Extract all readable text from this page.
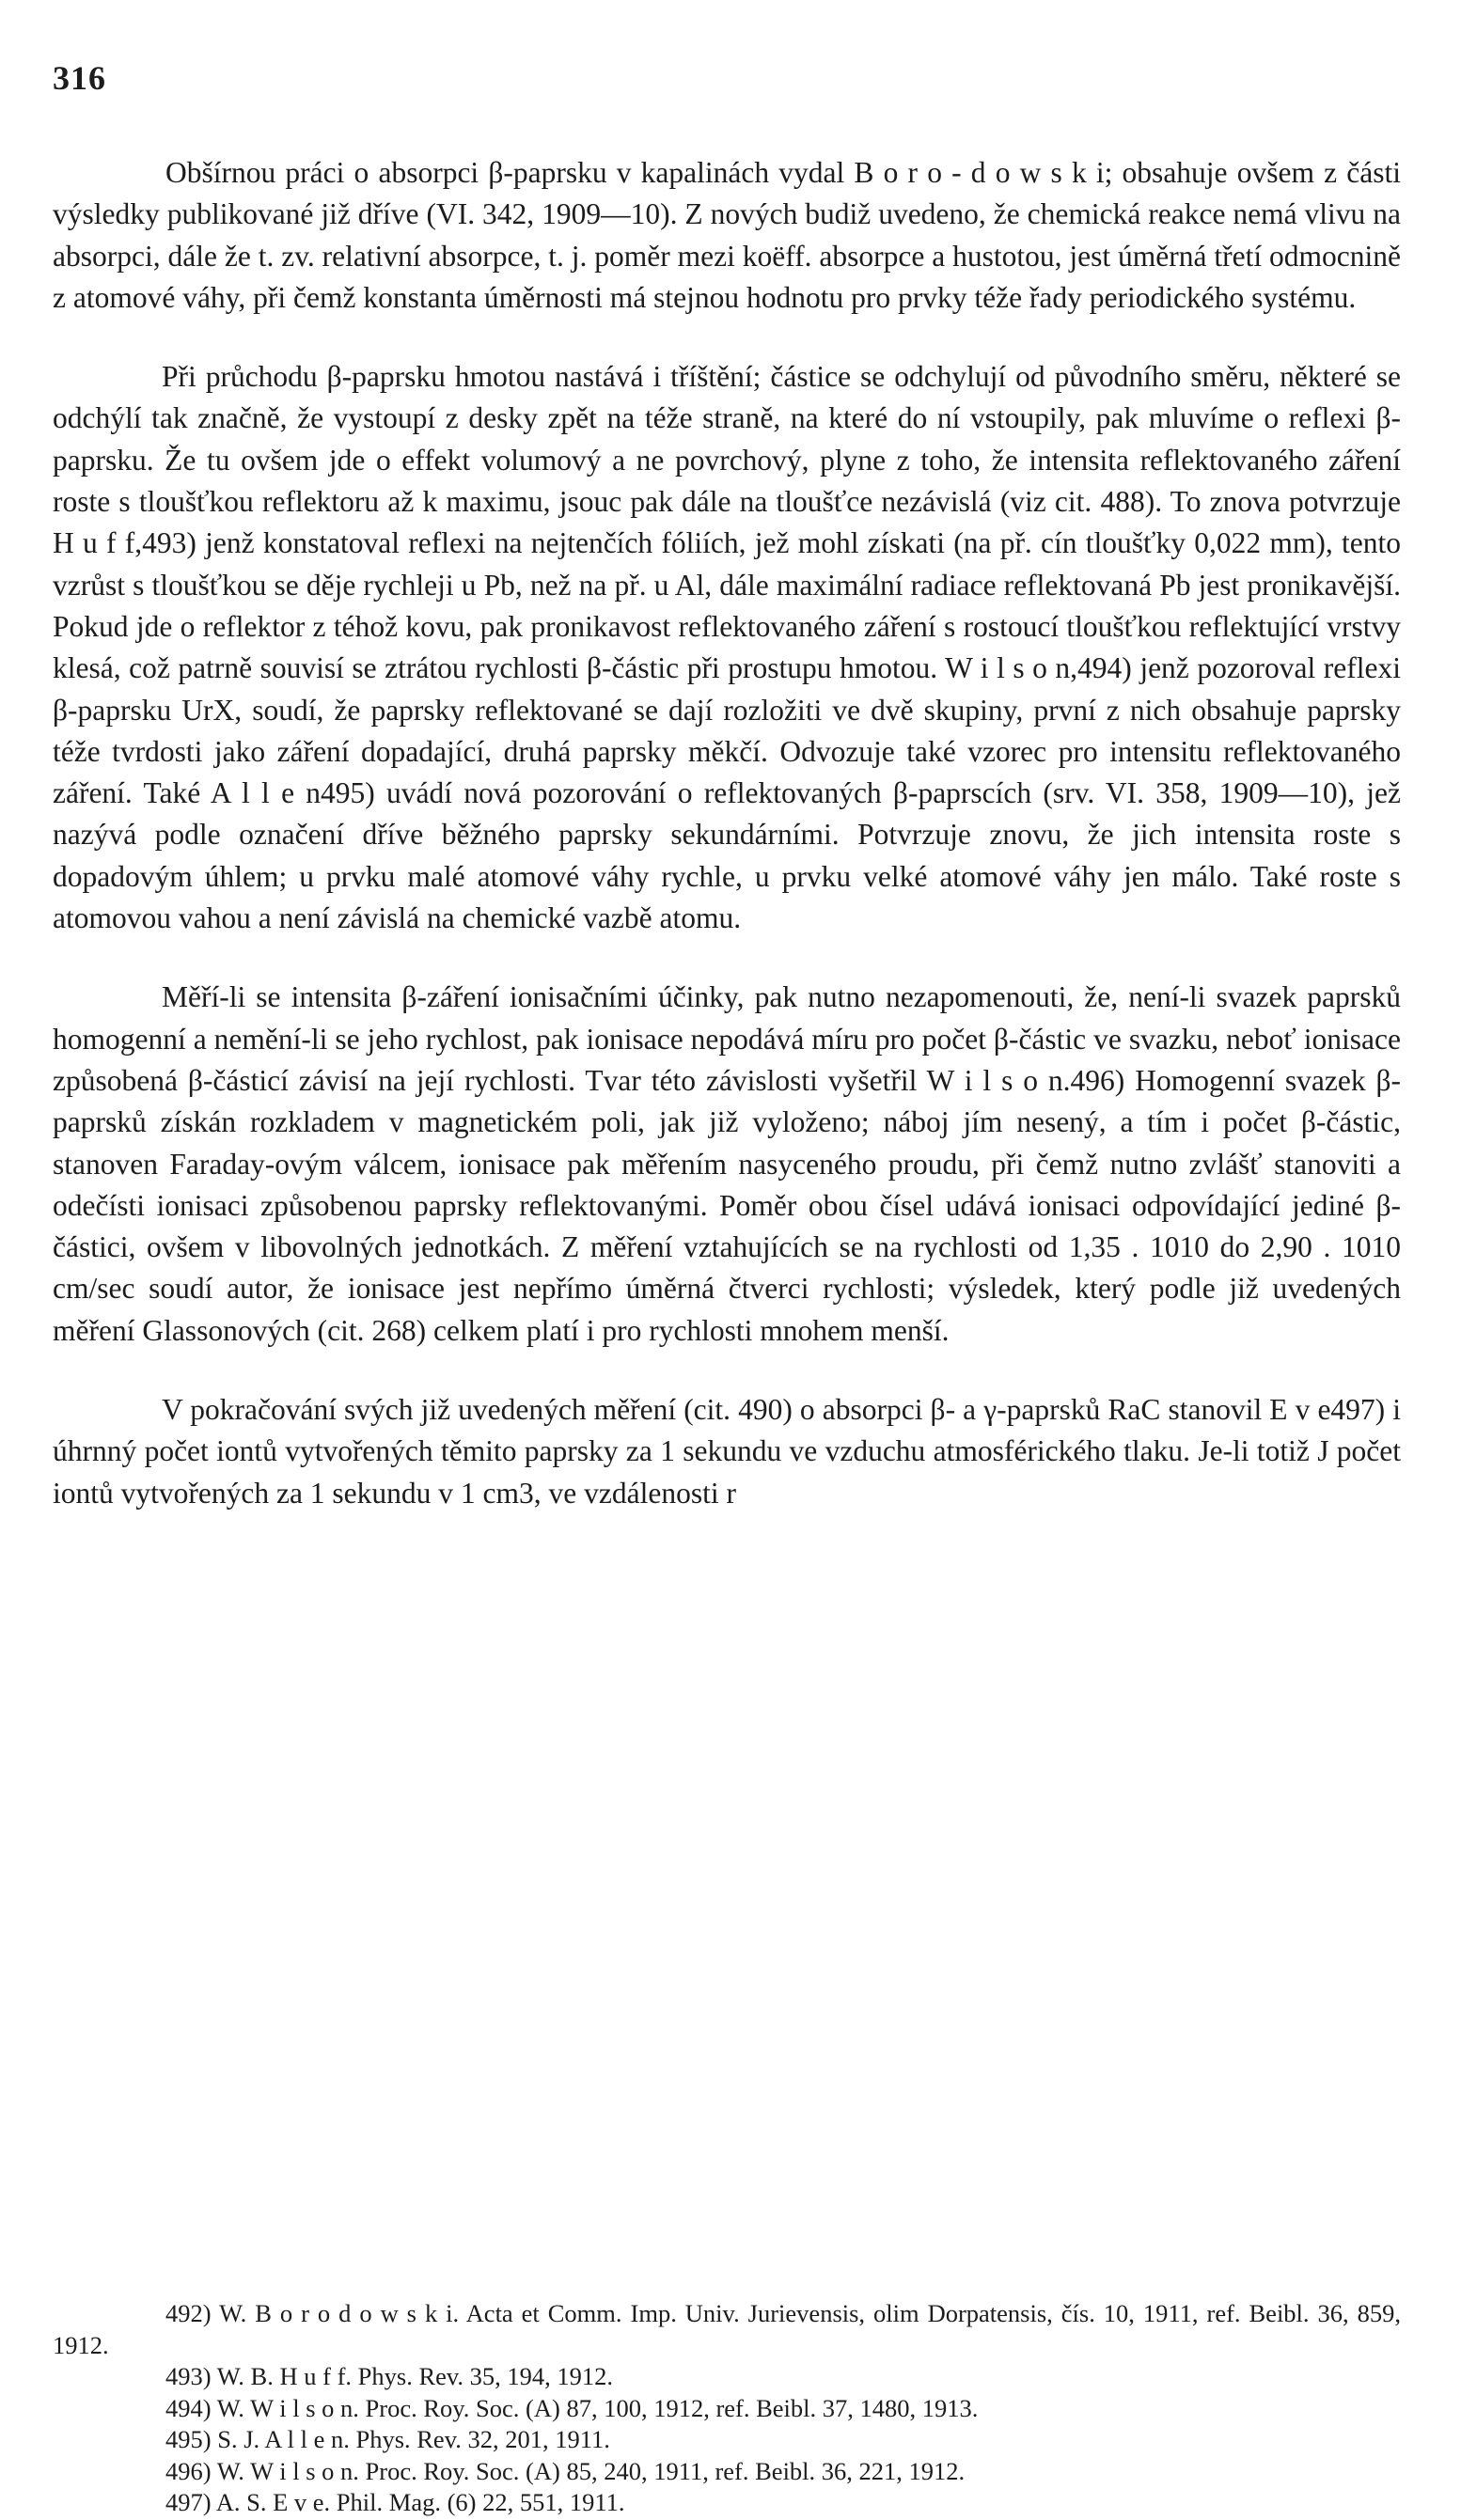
316

Obšírnou práci o absorpci β-paprsku v kapalinách vydal B o r o - d o w s k i; obsahuje ovšem z části výsledky publikované již dříve (VI. 342, 1909—10). Z nových budiž uvedeno, že chemická reakce nemá vlivu na absorpci, dále že t. zv. relativní absorpce, t. j. poměr mezi koëff. absorpce a hustotou, jest úměrná třetí odmocnině z atomové váhy, při čemž konstanta úměrnosti má stejnou hodnotu pro prvky téže řady periodického systému.

Při průchodu β-paprsku hmotou nastává i tříštění; částice se odchylují od původního směru, některé se odchýlí tak značně, že vystoupí z desky zpět na téže straně, na které do ní vstoupily, pak mluvíme o reflexi β-paprsku. Že tu ovšem jde o effekt volumový a ne povrchový, plyne z toho, že intensita reflektovaného záření roste s tloušťkou reflektoru až k maximu, jsouc pak dále na tloušťce nezávislá (viz cit. 488). To znova potvrzuje H u f f,493) jenž konstatoval reflexi na nejtenčích fóliích, jež mohl získati (na př. cín tloušťky 0,022 mm), tento vzrůst s tloušťkou se děje rychleji u Pb, než na př. u Al, dále maximální radiace reflektovaná Pb jest pronikavější. Pokud jde o reflektor z téhož kovu, pak pronikavost reflektovaného záření s rostoucí tloušťkou reflektující vrstvy klesá, což patrně souvisí se ztrátou rychlosti β-částic při prostupu hmotou. W i l s o n,494) jenž pozoroval reflexi β-paprsku UrX, soudí, že paprsky reflektované se dají rozložiti ve dvě skupiny, první z nich obsahuje paprsky téže tvrdosti jako záření dopadající, druhá paprsky měkčí. Odvozuje také vzorec pro intensitu reflektovaného záření. Také A l l e n495) uvádí nová pozorování o reflektovaných β-paprscích (srv. VI. 358, 1909—10), jež nazývá podle označení dříve běžného paprsky sekundárními. Potvrzuje znovu, že jich intensita roste s dopadovým úhlem; u prvku malé atomové váhy rychle, u prvku velké atomové váhy jen málo. Také roste s atomovou vahou a není závislá na chemické vazbě atomu.

Měří-li se intensita β-záření ionisačními účinky, pak nutno nezapomenouti, že, není-li svazek paprsků homogenní a nemění-li se jeho rychlost, pak ionisace nepodává míru pro počet β-částic ve svazku, neboť ionisace způsobená β-částicí závisí na její rychlosti. Tvar této závislosti vyšetřil W i l s o n.496) Homogenní svazek β-paprsků získán rozkladem v magnetickém poli, jak již vyloženo; náboj jím nesený, a tím i počet β-částic, stanoven Faraday-ovým válcem, ionisace pak měřením nasyceného proudu, při čemž nutno zvlášť stanoviti a odečísti ionisaci způsobenou paprsky reflektovanými. Poměr obou čísel udává ionisaci odpovídající jediné β-částici, ovšem v libovolných jednotkách. Z měření vztahujících se na rychlosti od 1,35 . 1010 do 2,90 . 1010 cm/sec soudí autor, že ionisace jest nepřímo úměrná čtverci rychlosti; výsledek, který podle již uvedených měření Glassonových (cit. 268) celkem platí i pro rychlosti mnohem menší.

V pokračování svých již uvedených měření (cit. 490) o absorpci β- a γ-paprsků RaC stanovil E v e497) i úhrnný počet iontů vytvořených těmito paprsky za 1 sekundu ve vzduchu atmosférického tlaku. Je-li totiž J počet iontů vytvořených za 1 sekundu v 1 cm3, ve vzdálenosti r

492) W. B o r o d o w s k i. Acta et Comm. Imp. Univ. Jurievensis, olim Dorpatensis, čís. 10, 1911, ref. Beibl. 36, 859, 1912.

493) W. B. H u f f. Phys. Rev. 35, 194, 1912.

494) W. W i l s o n. Proc. Roy. Soc. (A) 87, 100, 1912, ref. Beibl. 37, 1480, 1913.

495) S. J. A l l e n. Phys. Rev. 32, 201, 1911.

496) W. W i l s o n. Proc. Roy. Soc. (A) 85, 240, 1911, ref. Beibl. 36, 221, 1912.

497) A. S. E v e. Phil. Mag. (6) 22, 551, 1911.
